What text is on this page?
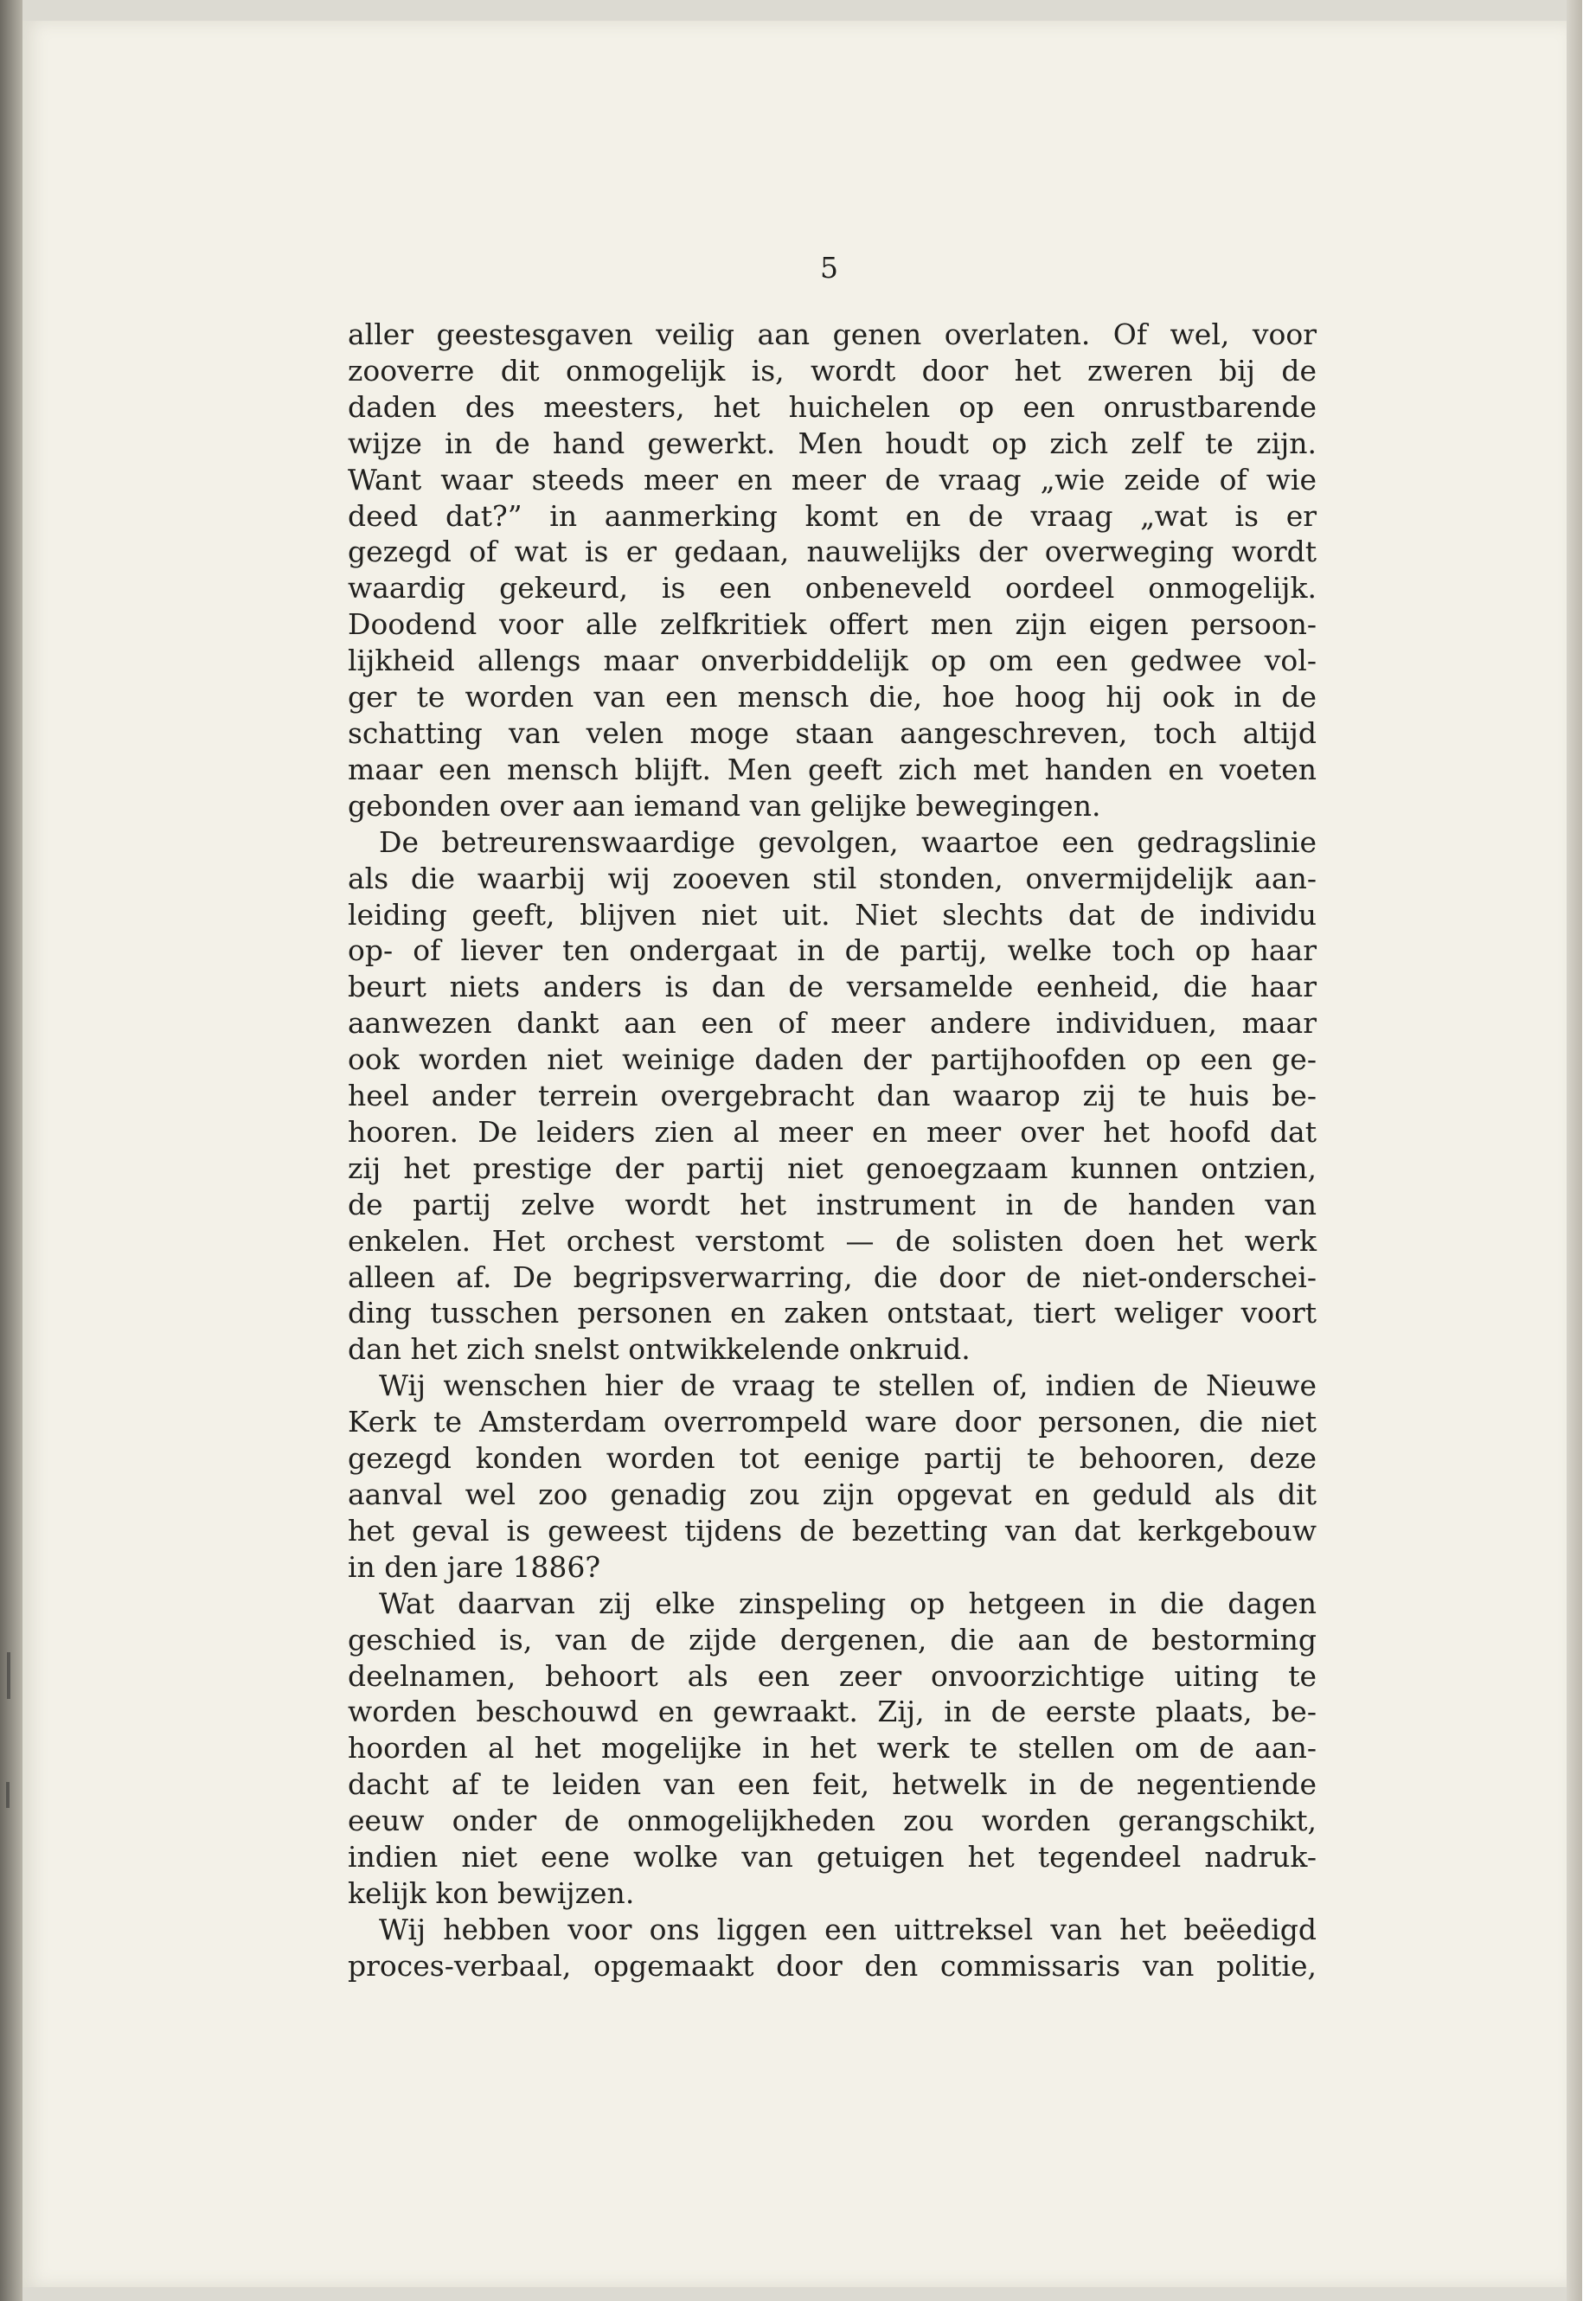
5
aller geestesgaven veilig aan genen overlaten. Of wel, voor
zooverre dit onmogelijk is, wordt door het zweren bij de
daden des meesters, het huichelen op een onrustbarende
wijze in de hand gewerkt. Men houdt op zich zelf te zijn.
Want waar steeds meer en meer de vraag „wie zeide of wie
deed dat?” in aanmerking komt en de vraag „wat is er
gezegd of wat is er gedaan, nauwelijks der overweging wordt
waardig gekeurd, is een onbeneveld oordeel onmogelijk.
Doodend voor alle zelfkritiek offert men zijn eigen persoon-
lijkheid allengs maar onverbiddelijk op om een gedwee vol-
ger te worden van een mensch die, hoe hoog hij ook in de
schatting van velen moge staan aangeschreven, toch altijd
maar een mensch blijft. Men geeft zich met handen en voeten
gebonden over aan iemand van gelijke bewegingen.
De betreurenswaardige gevolgen, waartoe een gedragslinie
als die waarbij wij zooeven stil stonden, onvermijdelijk aan-
leiding geeft, blijven niet uit. Niet slechts dat de individu
op- of liever ten ondergaat in de partij, welke toch op haar
beurt niets anders is dan de versamelde eenheid, die haar
aanwezen dankt aan een of meer andere individuen, maar
ook worden niet weinige daden der partijhoofden op een ge-
heel ander terrein overgebracht dan waarop zij te huis be-
hooren. De leiders zien al meer en meer over het hoofd dat
zij het prestige der partij niet genoegzaam kunnen ontzien,
de partij zelve wordt het instrument in de handen van
enkelen. Het orchest verstomt — de solisten doen het werk
alleen af. De begripsverwarring, die door de niet-onderschei-
ding tusschen personen en zaken ontstaat, tiert weliger voort
dan het zich snelst ontwikkelende onkruid.
Wij wenschen hier de vraag te stellen of, indien de Nieuwe
Kerk te Amsterdam overrompeld ware door personen, die niet
gezegd konden worden tot eenige partij te behooren, deze
aanval wel zoo genadig zou zijn opgevat en geduld als dit
het geval is geweest tijdens de bezetting van dat kerkgebouw
in den jare 1886?
Wat daarvan zij elke zinspeling op hetgeen in die dagen
geschied is, van de zijde dergenen, die aan de bestorming
deelnamen, behoort als een zeer onvoorzichtige uiting te
worden beschouwd en gewraakt. Zij, in de eerste plaats, be-
hoorden al het mogelijke in het werk te stellen om de aan-
dacht af te leiden van een feit, hetwelk in de negentiende
eeuw onder de onmogelijkheden zou worden gerangschikt,
indien niet eene wolke van getuigen het tegendeel nadruk-
kelijk kon bewijzen.
Wij hebben voor ons liggen een uittreksel van het beëedigd
proces-verbaal, opgemaakt door den commissaris van politie,
